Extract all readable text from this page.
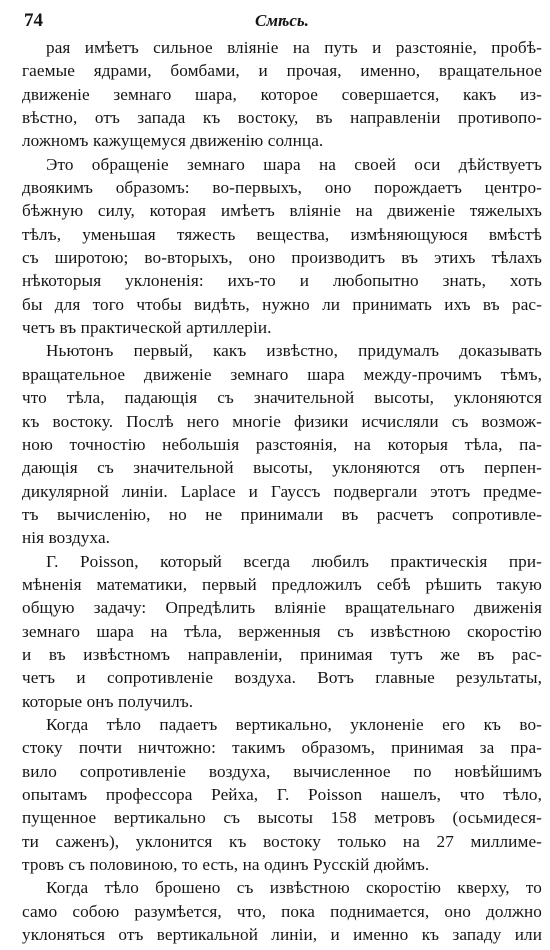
74	Смѣсь.
рая имѣетъ сильное вліяніе на путь и разстояніе, пробѣ-
гаемые ядрами, бомбами, и прочая, именно, вращательное
движеніе земнаго шара, которое совершается, какъ из-
вѣстно, отъ запада къ востоку, въ направленіи противопо-
ложномъ кажущемуся движенію солнца.
Это обращеніе земнаго шара на своей оси дѣйствуетъ
двоякимъ образомъ: во-первыхъ, оно порождаетъ центро-
бѣжную силу, которая имѣетъ вліяніе на движеніе тяжелыхъ
тѣлъ, уменьшая тяжесть вещества, измѣняющуюся вмѣстѣ
съ широтою; во-вторыхъ, оно производитъ въ этихъ тѣлахъ
нѣкоторыя уклоненія: ихъ-то и любопытно знать, хоть
бы для того чтобы видѣть, нужно ли принимать ихъ въ рас-
четъ въ практической артиллеріи.
Ньютонъ первый, какъ извѣстно, придумалъ доказывать
вращательное движеніе земнаго шара между-прочимъ тѣмъ,
что тѣла, падающія съ значительной высоты, уклоняются
къ востоку. Послѣ него многіе физики исчисляли съ возмож-
ною точностію небольшія разстоянія, на которыя тѣла, па-
дающія съ значительной высоты, уклоняются отъ перпен-
дикулярной линіи. Laplace и Гауссъ подвергали этотъ предме-
тъ вычисленію, но не принимали въ расчетъ сопротивле-
нія воздуха.
Г. Poisson, который всегда любилъ практическія при-
мѣненія математики, первый предложилъ себѣ рѣшить такую
общую задачу: Опредѣлить вліяніе вращательнаго движенія
земнаго шара на тѣла, верженныя съ извѣстною скоростію
и въ извѣстномъ направленіи, принимая тутъ же въ рас-
четъ и сопротивленіе воздуха. Вотъ главные результаты,
которые онъ получилъ.
Когда тѣло падаетъ вертикально, уклоненіе его къ во-
стоку почти ничтожно: такимъ образомъ, принимая за пра-
вило сопротивленіе воздуха, вычисленное по новѣйшимъ
опытамъ профессора Рейха, Г. Poisson нашелъ, что тѣло,
пущенное вертикально съ высоты 158 метровъ (осьмидеся-
ти саженъ), уклонится къ востоку только на 27 миллиме-
тровъ съ половиною, то есть, на одинъ Русскій дюймъ.
Когда тѣло брошено съ извѣстною скоростію кверху, то
само собою разумѣется, что, пока поднимается, оно должно
уклоняться отъ вертикальной линіи, и именно къ западу или
